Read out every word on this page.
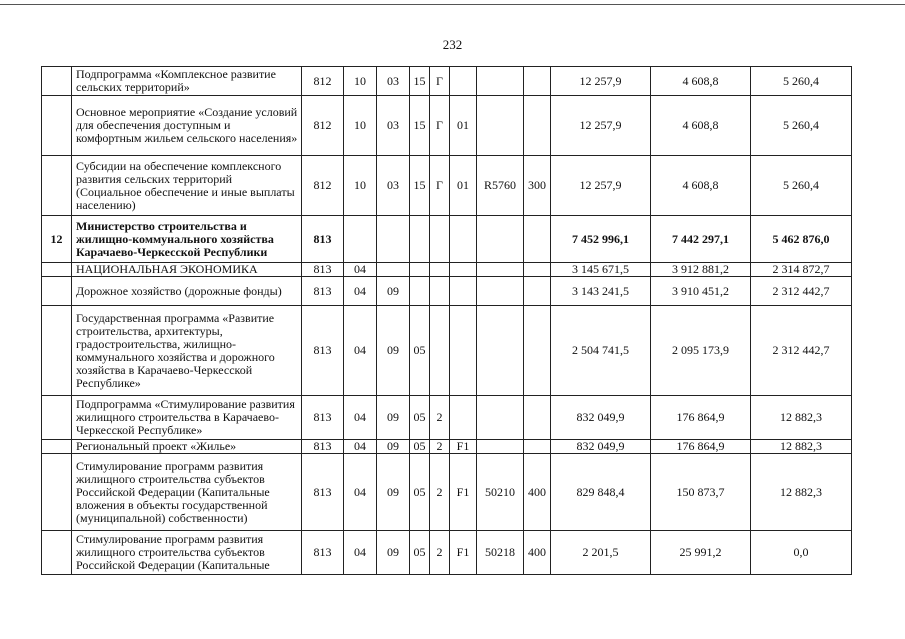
232
	Подпрограмма «Комплексное развитие сельских территорий»	812	10	03	15	Г				12 257,9	4 608,8	5 260,4
	Основное мероприятие «Создание условий для обеспечения доступным и комфортным жильем сельского населения»	812	10	03	15	Г	01			12 257,9	4 608,8	5 260,4
	Субсидии на обеспечение комплексного развития сельских территорий (Социальное обеспечение и иные выплаты населению)	812	10	03	15	Г	01	R5760	300	12 257,9	4 608,8	5 260,4
12	Министерство строительства и жилищно-коммунального хозяйства Карачаево-Черкесской Республики	813								7 452 996,1	7 442 297,1	5 462 876,0
	НАЦИОНАЛЬНАЯ ЭКОНОМИКА	813	04							3 145 671,5	3 912 881,2	2 314 872,7
	Дорожное хозяйство (дорожные фонды)	813	04	09						3 143 241,5	3 910 451,2	2 312 442,7
	Государственная программа «Развитие строительства, архитектуры, градостроительства, жилищно-коммунального хозяйства и дорожного хозяйства в Карачаево-Черкесской Республике»	813	04	09	05					2 504 741,5	2 095 173,9	2 312 442,7
	Подпрограмма «Стимулирование развития жилищного строительства в Карачаево-Черкесской Республике»	813	04	09	05	2				832 049,9	176 864,9	12 882,3
	Региональный проект «Жилье»	813	04	09	05	2	F1			832 049,9	176 864,9	12 882,3
	Стимулирование программ развития жилищного строительства субъектов Российской Федерации (Капитальные вложения в объекты государственной (муниципальной) собственности)	813	04	09	05	2	F1	50210	400	829 848,4	150 873,7	12 882,3
	Стимулирование программ развития жилищного строительства субъектов Российской Федерации (Капитальные	813	04	09	05	2	F1	50218	400	2 201,5	25 991,2	0,0
